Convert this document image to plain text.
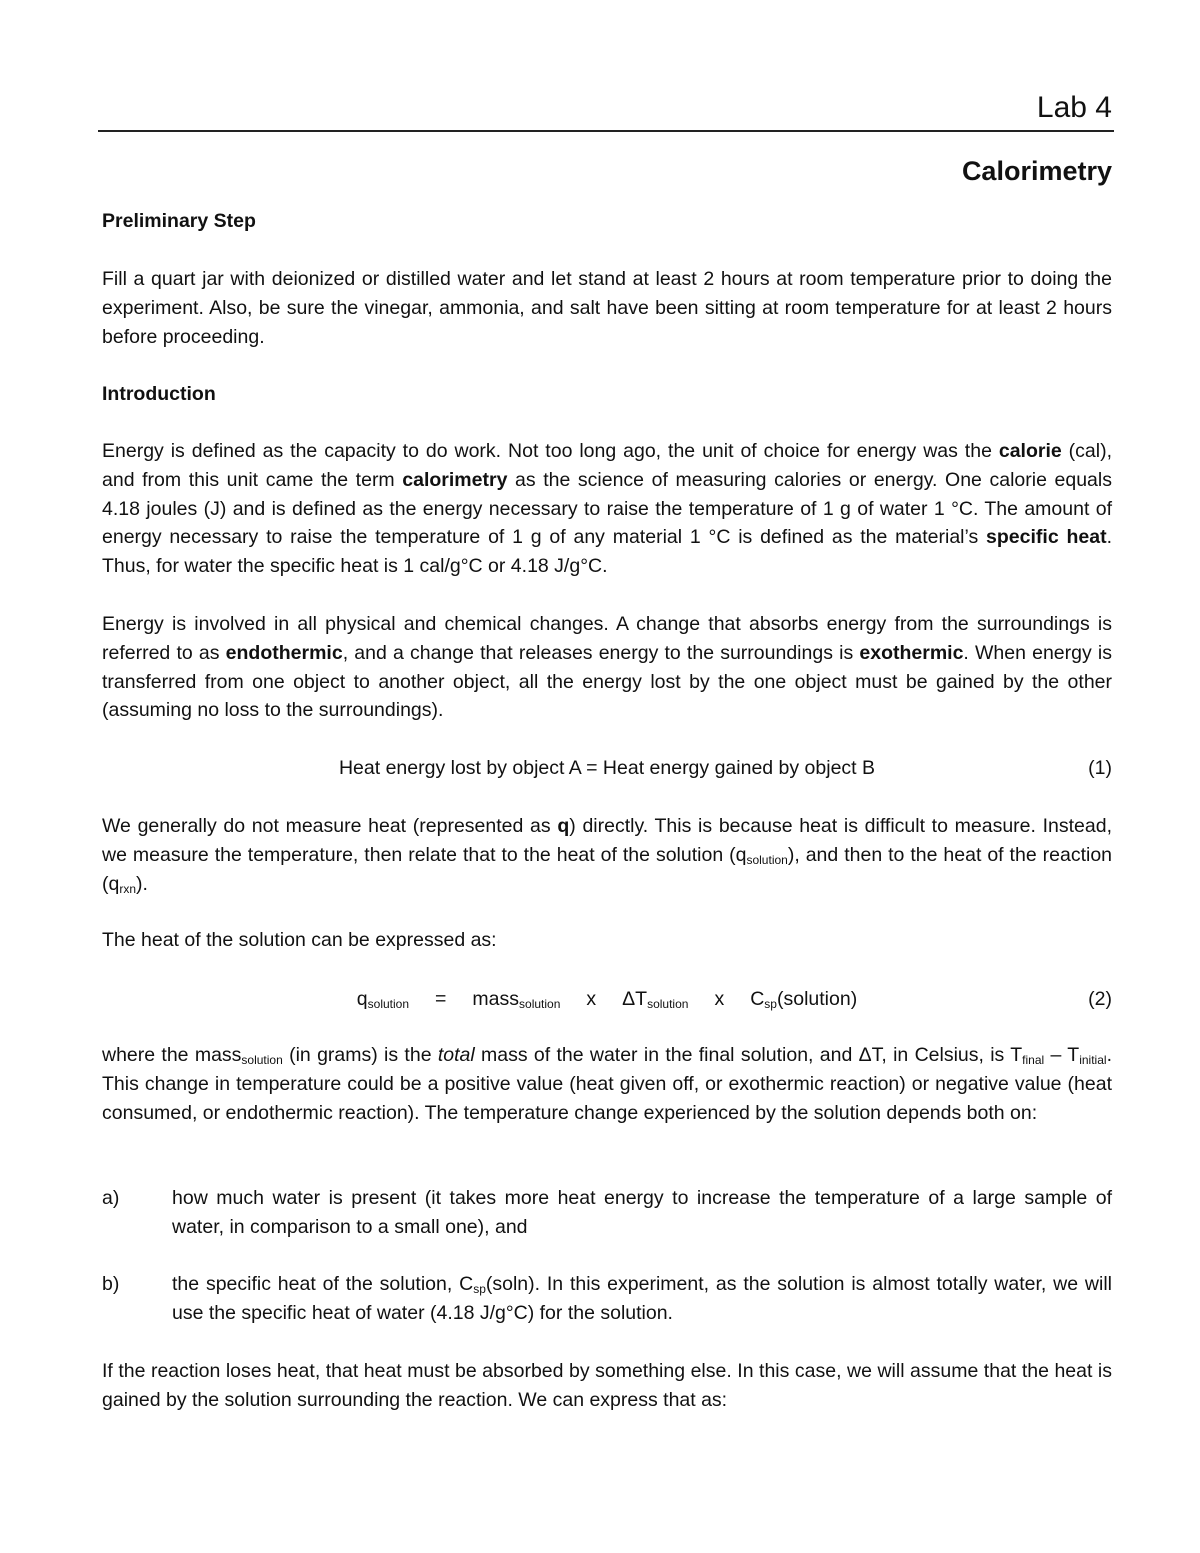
Lab 4
Calorimetry

Preliminary Step

Fill a quart jar with deionized or distilled water and let stand at least 2 hours at room temperature prior to doing the experiment. Also, be sure the vinegar, ammonia, and salt have been sitting at room temperature for at least 2 hours before proceeding.

Introduction

Energy is defined as the capacity to do work. Not too long ago, the unit of choice for energy was the calorie (cal), and from this unit came the term calorimetry as the science of measuring calories or energy. One calorie equals 4.18 joules (J) and is defined as the energy necessary to raise the temperature of 1 g of water 1 °C. The amount of energy necessary to raise the temperature of 1 g of any material 1 °C is defined as the material’s specific heat. Thus, for water the specific heat is 1 cal/g°C or 4.18 J/g°C.

Energy is involved in all physical and chemical changes. A change that absorbs energy from the surroundings is referred to as endothermic, and a change that releases energy to the surroundings is exothermic. When energy is transferred from one object to another object, all the energy lost by the one object must be gained by the other (assuming no loss to the surroundings).

Heat energy lost by object A = Heat energy gained by object B	(1)

We generally do not measure heat (represented as q) directly. This is because heat is difficult to measure. Instead, we measure the temperature, then relate that to the heat of the solution $(q_{solution})$, and then to the heat of the reaction $(q_{rxn})$.

The heat of the solution can be expressed as:

$q_{solution}$ = mass$_{solution}$ x $\Delta T_{solution}$ x $C_{sp}(solution)$	(2)

where the mass$_{solution}$ (in grams) is the total mass of the water in the final solution, and ΔT, in Celsius, is $T_{final} - T_{initial}$. This change in temperature could be a positive value (heat given off, or exothermic reaction) or negative value (heat consumed, or endothermic reaction). The temperature change experienced by the solution depends both on:

a)	how much water is present (it takes more heat energy to increase the temperature of a large sample of water, in comparison to a small one), and
b)	the specific heat of the solution, $C_{sp}(soln)$. In this experiment, as the solution is almost totally water, we will use the specific heat of water (4.18 J/g°C) for the solution.

If the reaction loses heat, that heat must be absorbed by something else. In this case, we will assume that the heat is gained by the solution surrounding the reaction. We can express that as:
